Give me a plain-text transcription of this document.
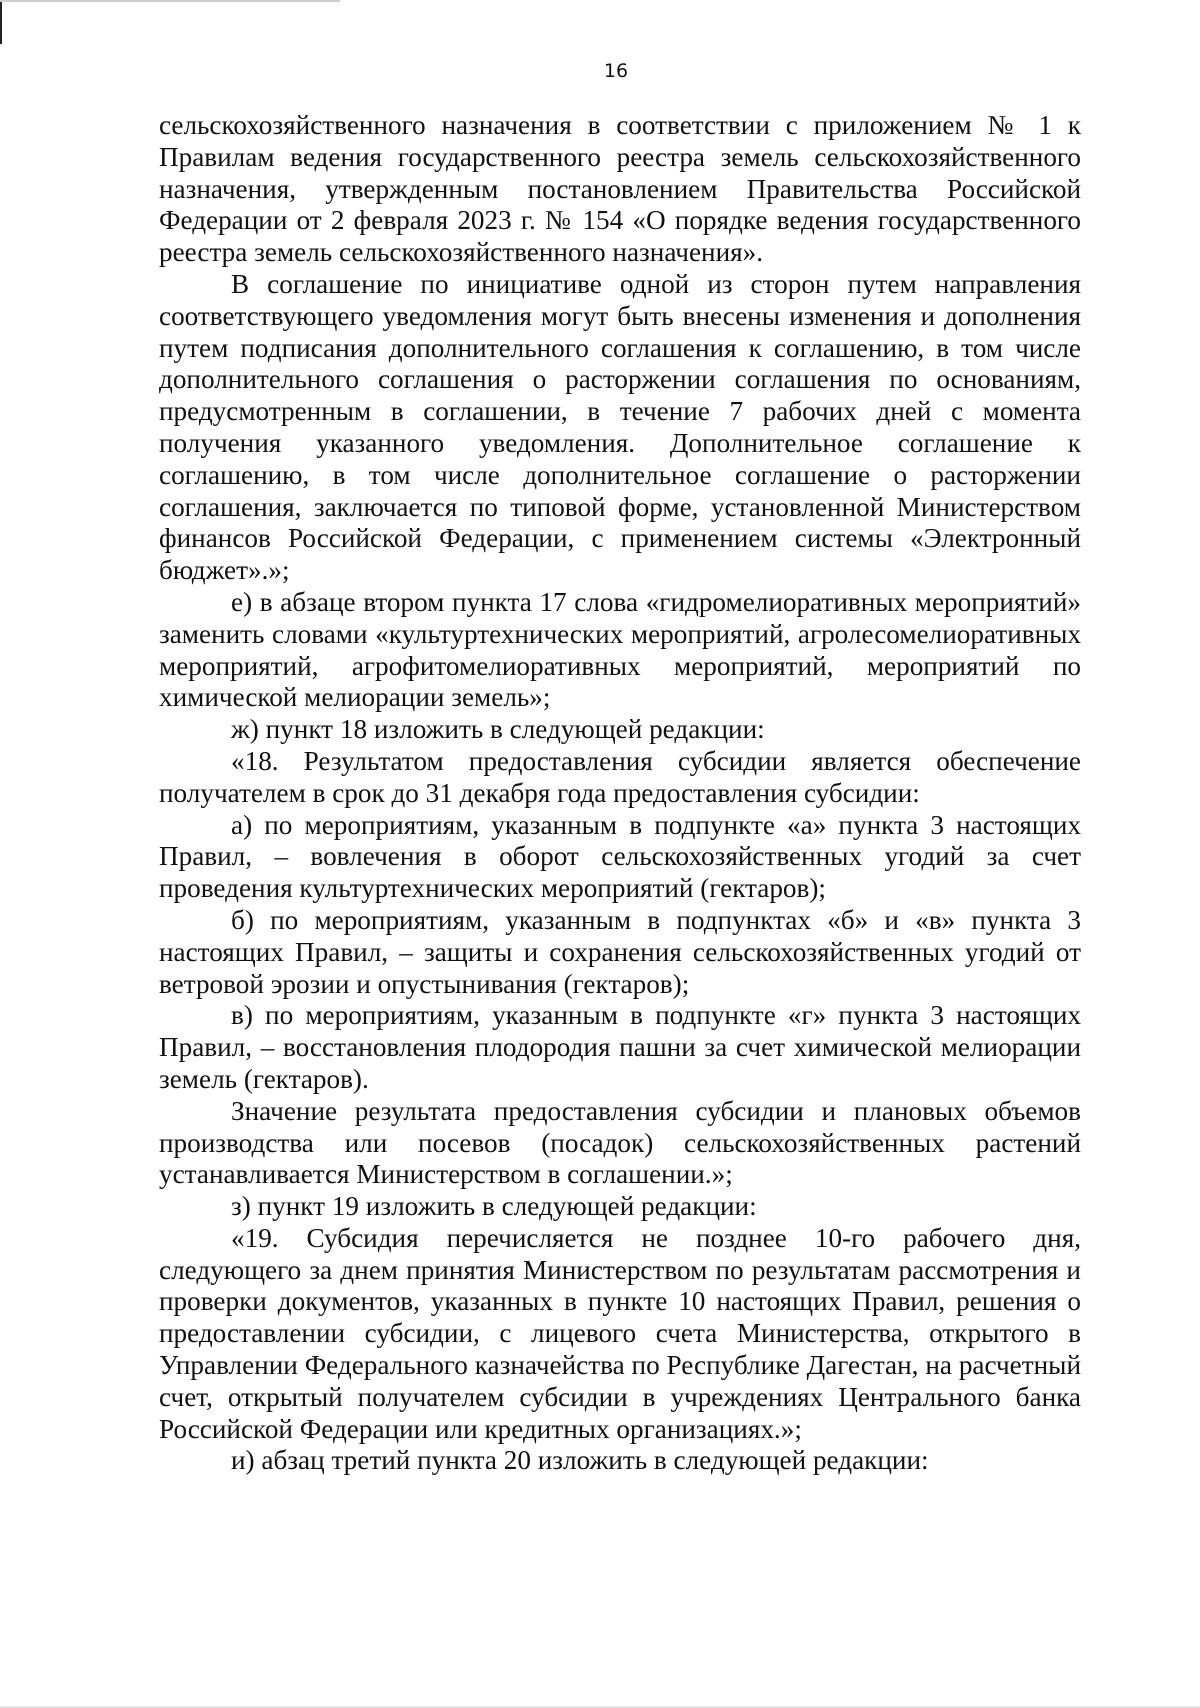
16

сельскохозяйственного назначения в соответствии с приложением № 1 к Правилам ведения государственного реестра земель сельскохозяйственного назначения, утвержденным постановлением Правительства Российской Федерации от 2 февраля 2023 г. № 154 «О порядке ведения государственного реестра земель сельскохозяйственного назначения».

В соглашение по инициативе одной из сторон путем направления соответствующего уведомления могут быть внесены изменения и дополнения путем подписания дополнительного соглашения к соглашению, в том числе дополнительного соглашения о расторжении соглашения по основаниям, предусмотренным в соглашении, в течение 7 рабочих дней с момента получения указанного уведомления. Дополнительное соглашение к соглашению, в том числе дополнительное соглашение о расторжении соглашения, заключается по типовой форме, установленной Министерством финансов Российской Федерации, с применением системы «Электронный бюджет».»;

е) в абзаце втором пункта 17 слова «гидромелиоративных мероприятий» заменить словами «культуртехнических мероприятий, агролесомелиоративных мероприятий, агрофитомелиоративных мероприятий, мероприятий по химической мелиорации земель»;

ж) пункт 18 изложить в следующей редакции:

«18. Результатом предоставления субсидии является обеспечение получателем в срок до 31 декабря года предоставления субсидии:

а) по мероприятиям, указанным в подпункте «а» пункта 3 настоящих Правил, – вовлечения в оборот сельскохозяйственных угодий за счет проведения культуртехнических мероприятий (гектаров);

б) по мероприятиям, указанным в подпунктах «б» и «в» пункта 3 настоящих Правил, – защиты и сохранения сельскохозяйственных угодий от ветровой эрозии и опустынивания (гектаров);

в) по мероприятиям, указанным в подпункте «г» пункта 3 настоящих Правил, – восстановления плодородия пашни за счет химической мелиорации земель (гектаров).

Значение результата предоставления субсидии и плановых объемов производства или посевов (посадок) сельскохозяйственных растений устанавливается Министерством в соглашении.»;

з) пункт 19 изложить в следующей редакции:

«19. Субсидия перечисляется не позднее 10-го рабочего дня, следующего за днем принятия Министерством по результатам рассмотрения и проверки документов, указанных в пункте 10 настоящих Правил, решения о предоставлении субсидии, с лицевого счета Министерства, открытого в Управлении Федерального казначейства по Республике Дагестан, на расчетный счет, открытый получателем субсидии в учреждениях Центрального банка Российской Федерации или кредитных организациях.»;

и) абзац третий пункта 20 изложить в следующей редакции:
